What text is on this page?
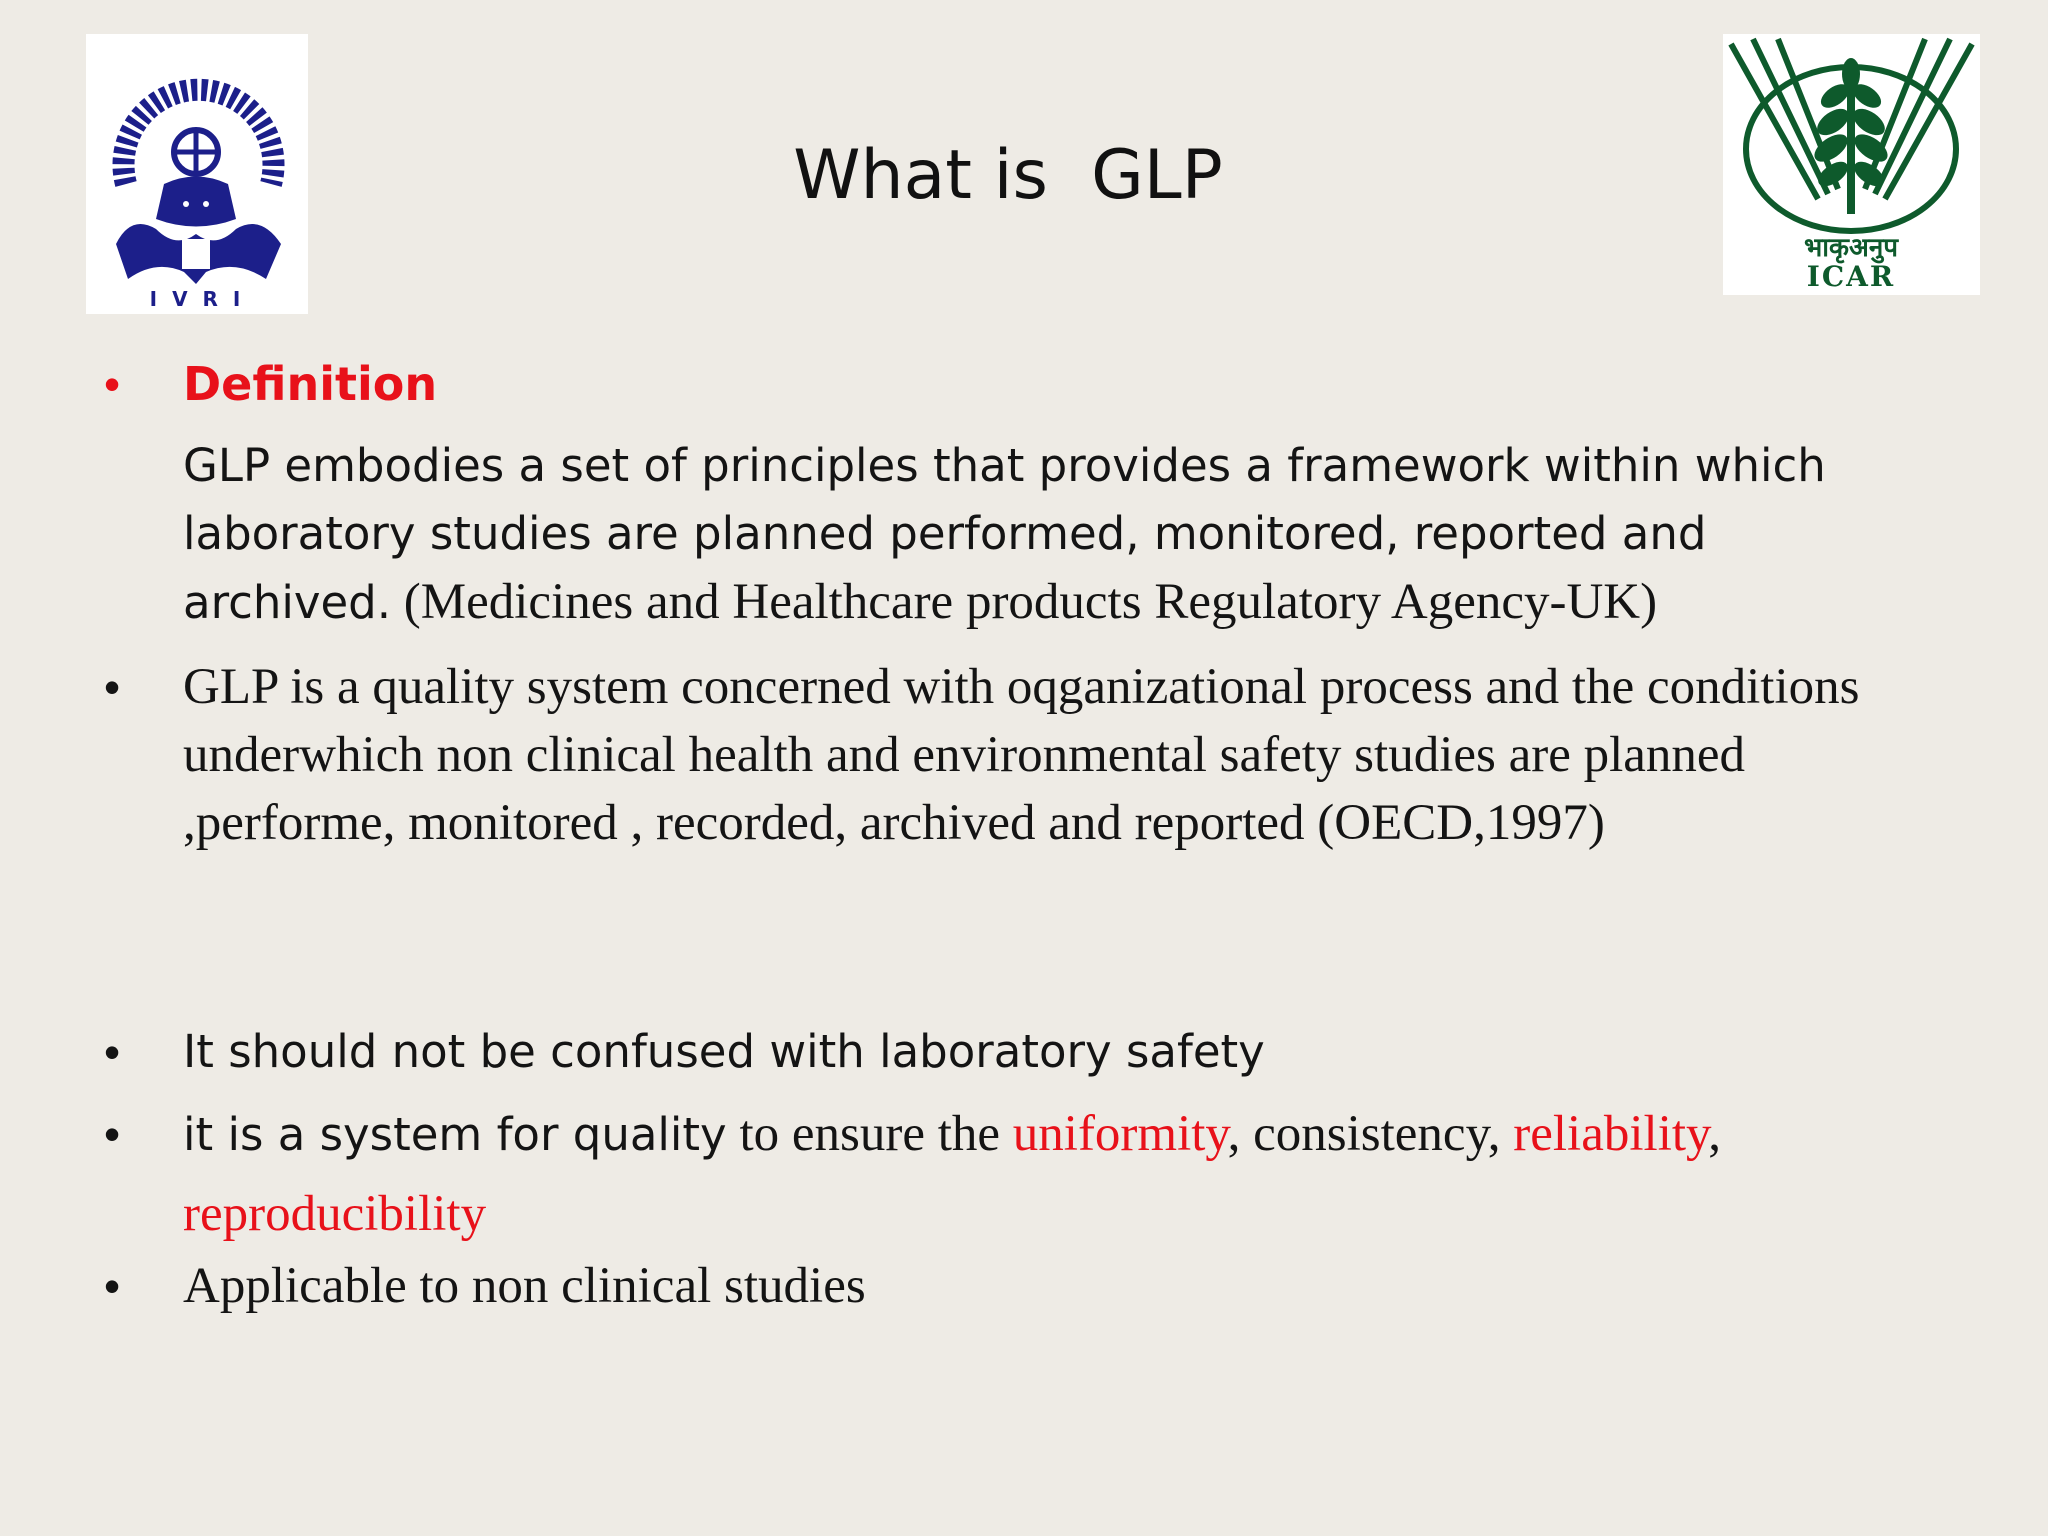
I V R I
भाकृअनुप
ICAR
What is  GLP
• Definition

GLP embodies a set of principles that provides a framework within which laboratory studies are planned performed, monitored, reported and archived. (Medicines and Healthcare products Regulatory Agency-UK)

• GLP is a quality system concerned with oqganizational process and the conditions underwhich non clinical health and environmental safety studies are planned ,performe, monitored , recorded, archived and reported (OECD,1997)

• It should not be confused with laboratory safety

• it is a system for quality to ensure the uniformity, consistency, reliability, reproducibility

• Applicable to non clinical studies
